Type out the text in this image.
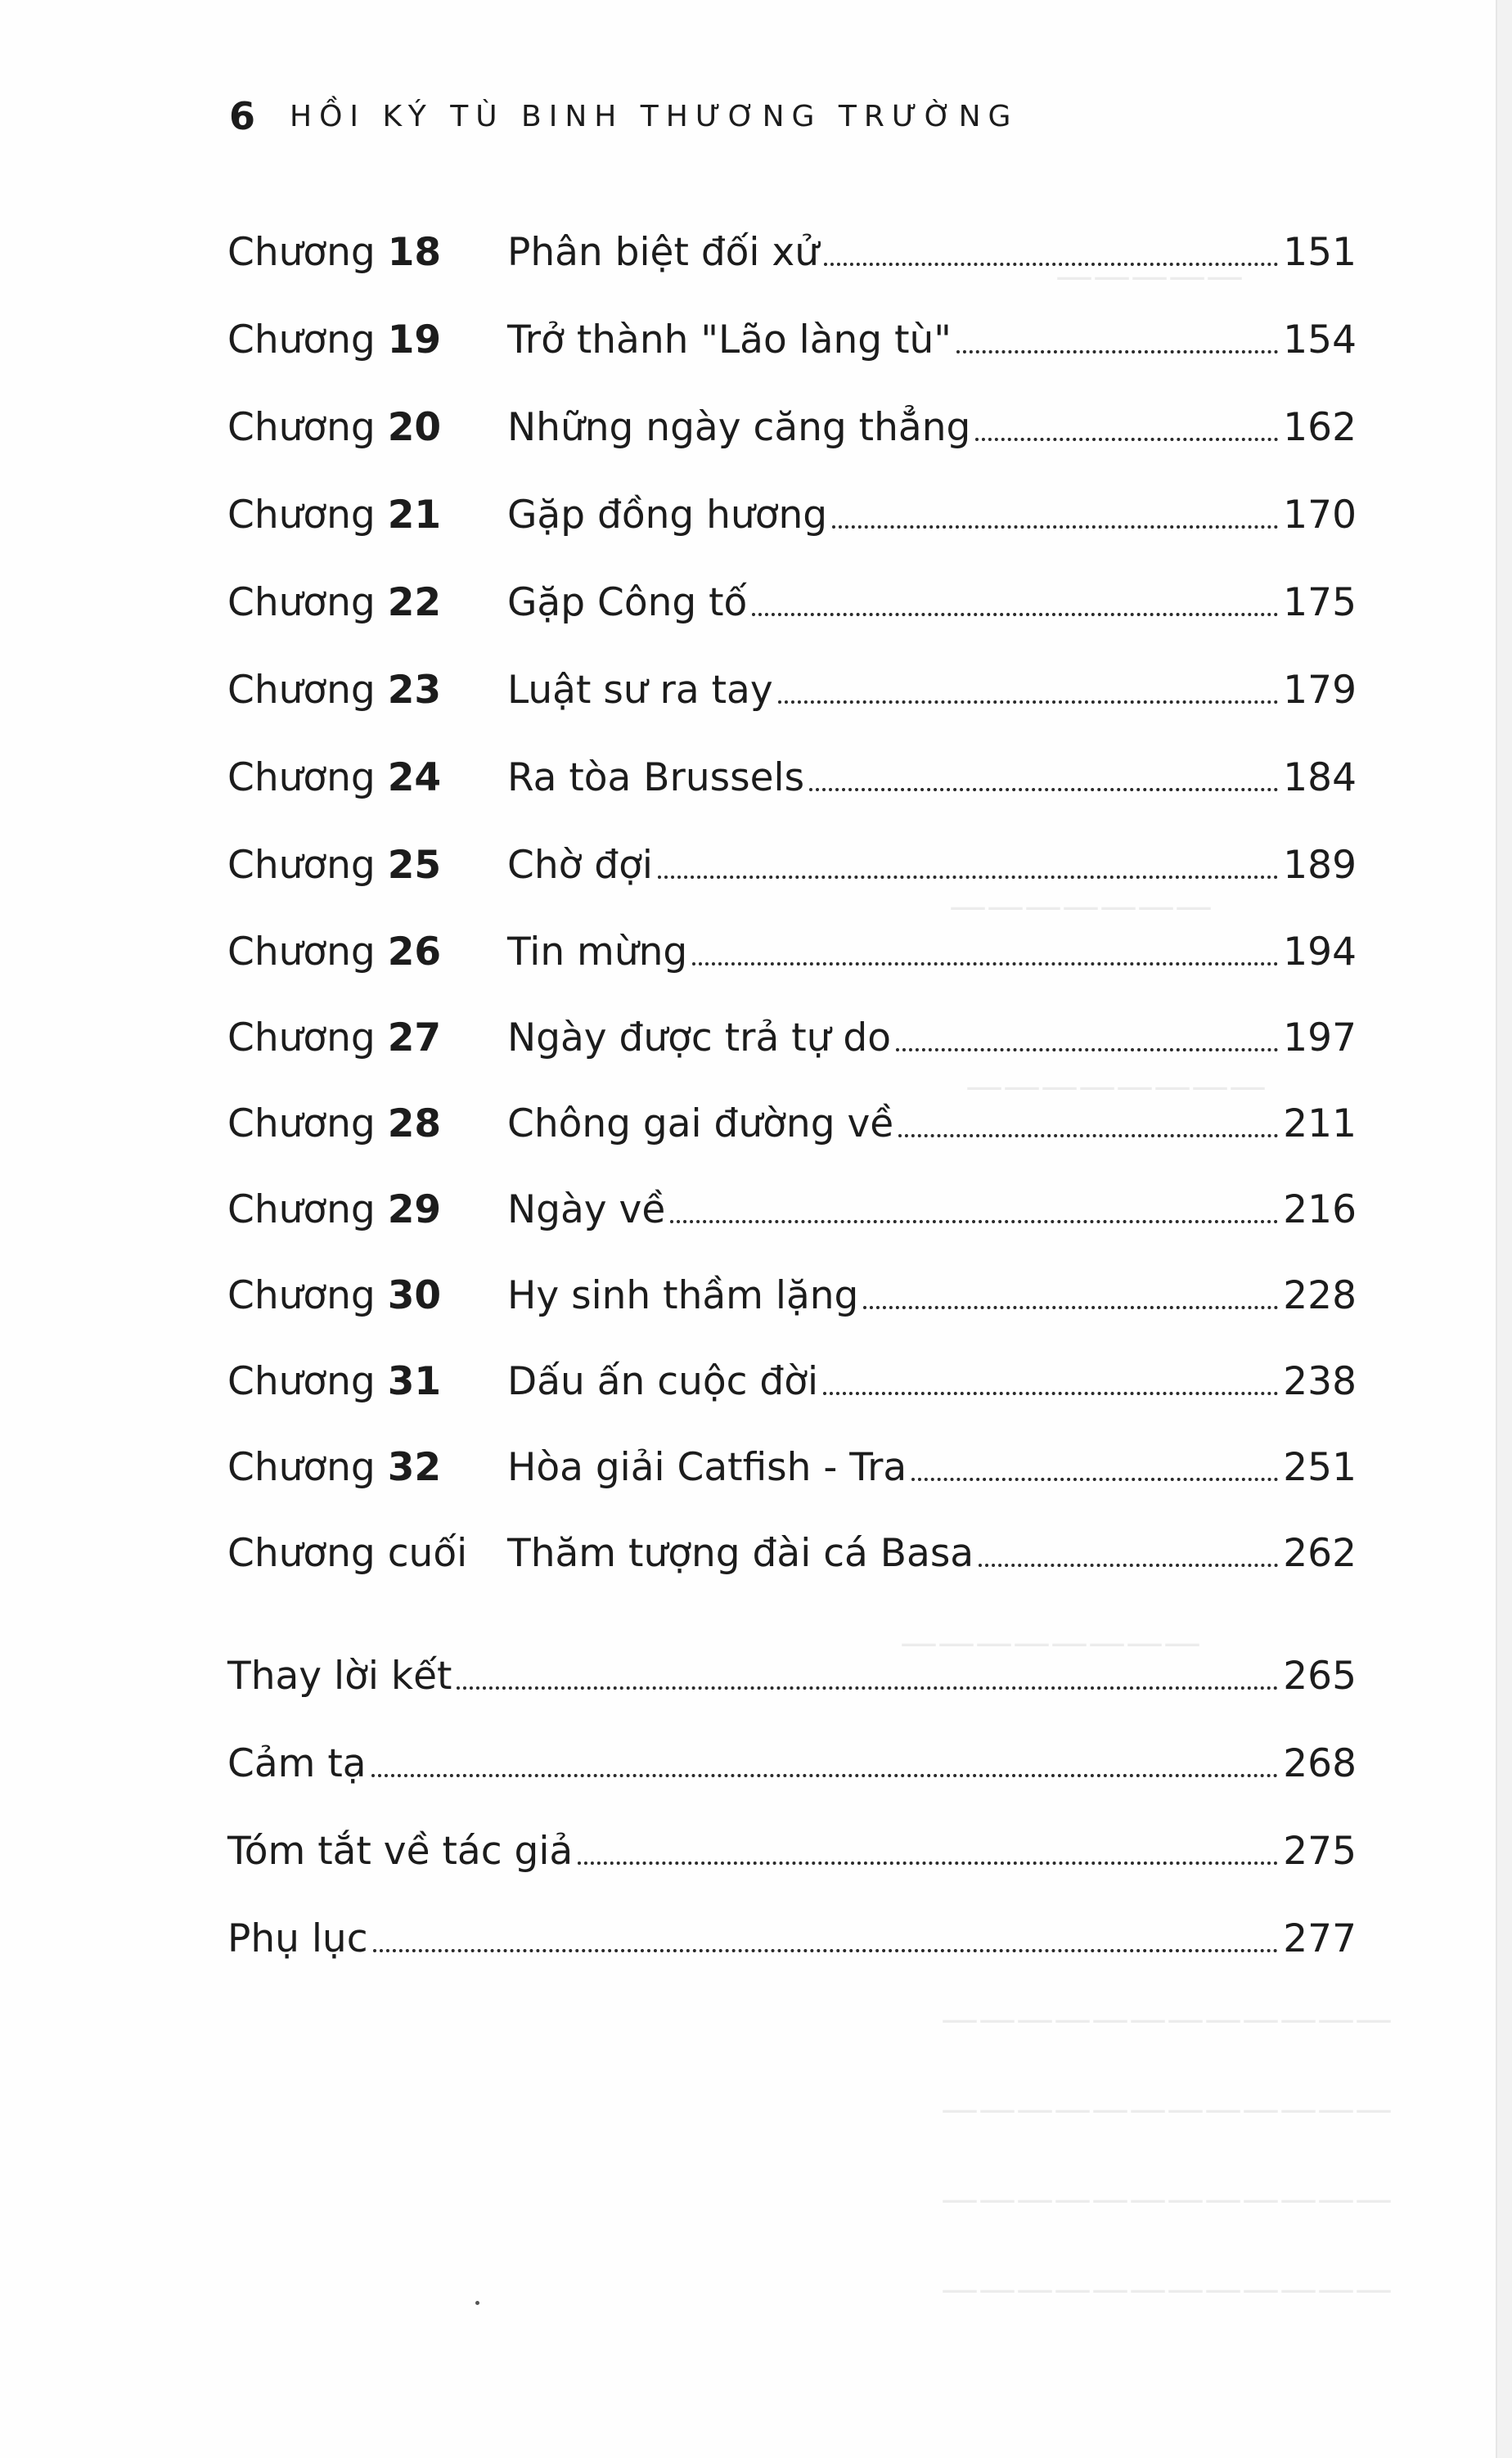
—————
———————
————————
————————
————————————
————————————
————————————
————————————
6 HỒI KÝ TÙ BINH THƯƠNG TRƯỜNG
Chương 18	Phân biệt đối xử	151
Chương 19	Trở thành "Lão làng tù"	154
Chương 20	Những ngày căng thẳng	162
Chương 21	Gặp đồng hương	170
Chương 22	Gặp Công tố	175
Chương 23	Luật sư ra tay	179
Chương 24	Ra tòa Brussels	184
Chương 25	Chờ đợi	189
Chương 26	Tin mừng	194
Chương 27	Ngày được trả tự do	197
Chương 28	Chông gai đường về	211
Chương 29	Ngày về	216
Chương 30	Hy sinh thầm lặng	228
Chương 31	Dấu ấn cuộc đời	238
Chương 32	Hòa giải Catfish - Tra	251
Chương cuối	Thăm tượng đài cá Basa	262
Thay lời kết	265
Cảm tạ	268
Tóm tắt về tác giả	275
Phụ lục	277
